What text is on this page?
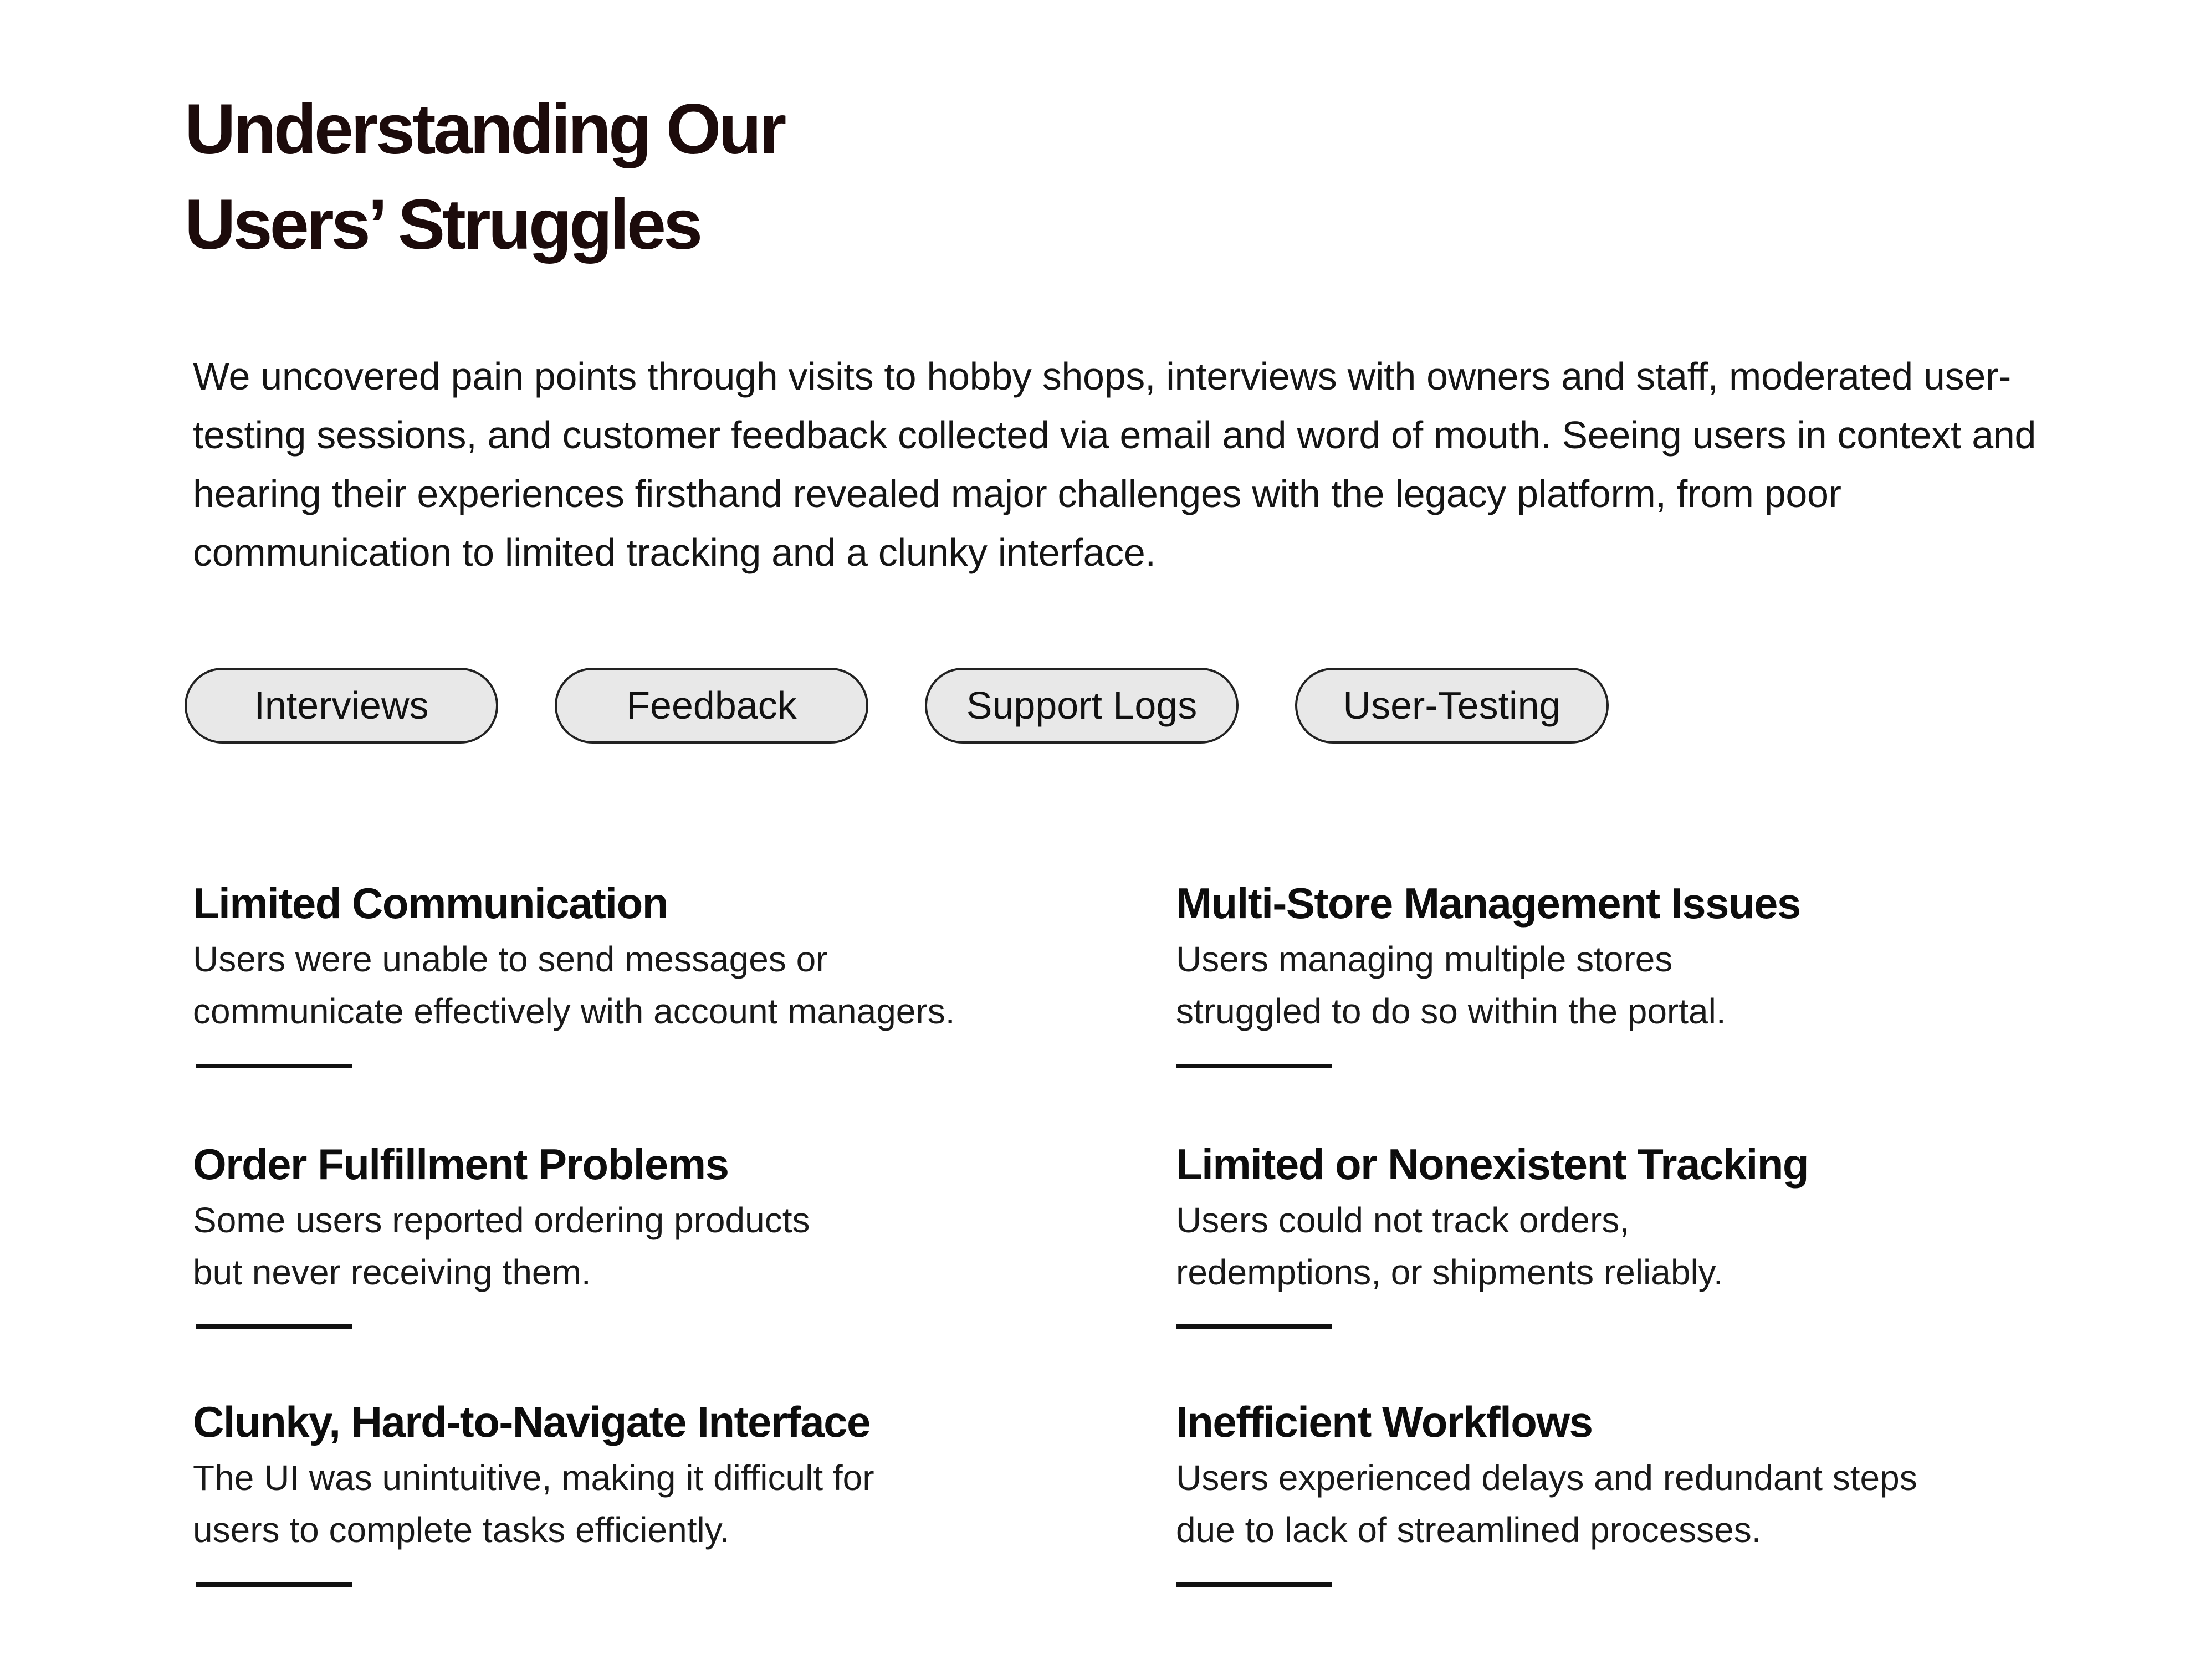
Understanding Our
Users’ Struggles

We uncovered pain points through visits to hobby shops, interviews with owners and staff, moderated user-testing sessions, and customer feedback collected via email and word of mouth. Seeing users in context and hearing their experiences firsthand revealed major challenges with the legacy platform, from poor communication to limited tracking and a clunky interface.

Interviews	Feedback	Support Logs	User-Testing
Limited Communication

Users were unable to send messages or
communicate effectively with account managers.

Multi-Store Management Issues

Users managing multiple stores
struggled to do so within the portal.

Order Fulfillment Problems

Some users reported ordering products
but never receiving them.

Limited or Nonexistent Tracking

Users could not track orders,
redemptions, or shipments reliably.

Clunky, Hard-to-Navigate Interface

The UI was unintuitive, making it difficult for
users to complete tasks efficiently.

Inefficient Workflows

Users experienced delays and redundant steps
due to lack of streamlined processes.
